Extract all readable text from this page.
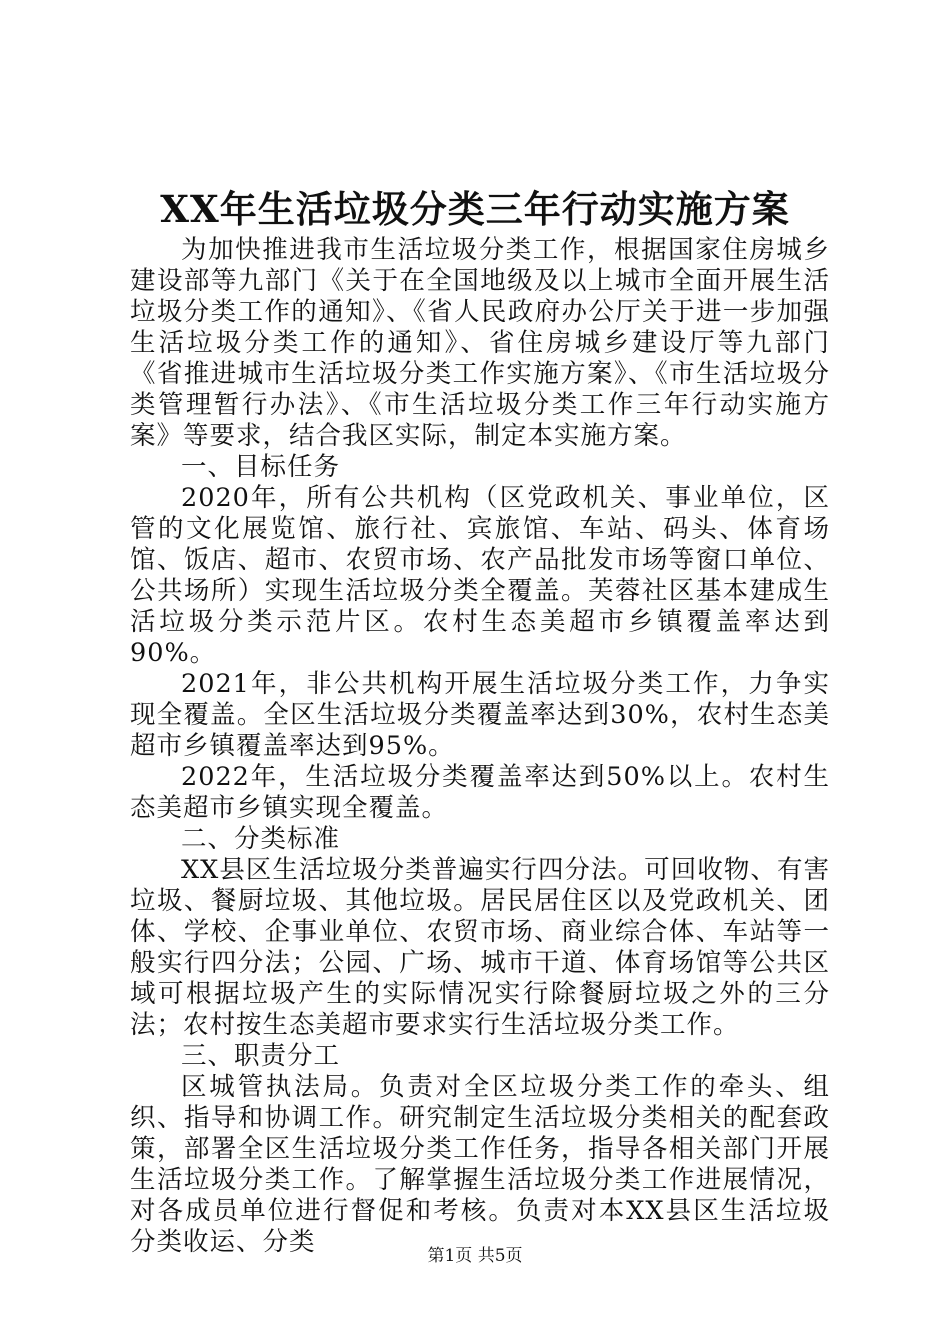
XX年生活垃圾分类三年行动实施方案

为加快推进我市生活垃圾分类工作，根据国家住房城乡建设部等九部门《关于在全国地级及以上城市全面开展生活垃圾分类工作的通知》、《省人民政府办公厅关于进一步加强生活垃圾分类工作的通知》、省住房城乡建设厅等九部门《省推进城市生活垃圾分类工作实施方案》、《市生活垃圾分类管理暂行办法》、《市生活垃圾分类工作三年行动实施方案》等要求，结合我区实际，制定本实施方案。

一、目标任务

2020年，所有公共机构（区党政机关、事业单位，区管的文化展览馆、旅行社、宾旅馆、车站、码头、体育场馆、饭店、超市、农贸市场、农产品批发市场等窗口单位、公共场所）实现生活垃圾分类全覆盖。芙蓉社区基本建成生活垃圾分类示范片区。农村生态美超市乡镇覆盖率达到90%。

2021年，非公共机构开展生活垃圾分类工作，力争实现全覆盖。全区生活垃圾分类覆盖率达到30%，农村生态美超市乡镇覆盖率达到95%。

2022年，生活垃圾分类覆盖率达到50%以上。农村生态美超市乡镇实现全覆盖。

二、分类标准

XX县区生活垃圾分类普遍实行四分法。可回收物、有害垃圾、餐厨垃圾、其他垃圾。居民居住区以及党政机关、团体、学校、企事业单位、农贸市场、商业综合体、车站等一般实行四分法；公园、广场、城市干道、体育场馆等公共区域可根据垃圾产生的实际情况实行除餐厨垃圾之外的三分法；农村按生态美超市要求实行生活垃圾分类工作。

三、职责分工

区城管执法局。负责对全区垃圾分类工作的牵头、组织、指导和协调工作。研究制定生活垃圾分类相关的配套政策，部署全区生活垃圾分类工作任务，指导各相关部门开展生活垃圾分类工作。了解掌握生活垃圾分类工作进展情况，对各成员单位进行督促和考核。负责对本XX县区生活垃圾分类收运、分类	第1页 共5页
